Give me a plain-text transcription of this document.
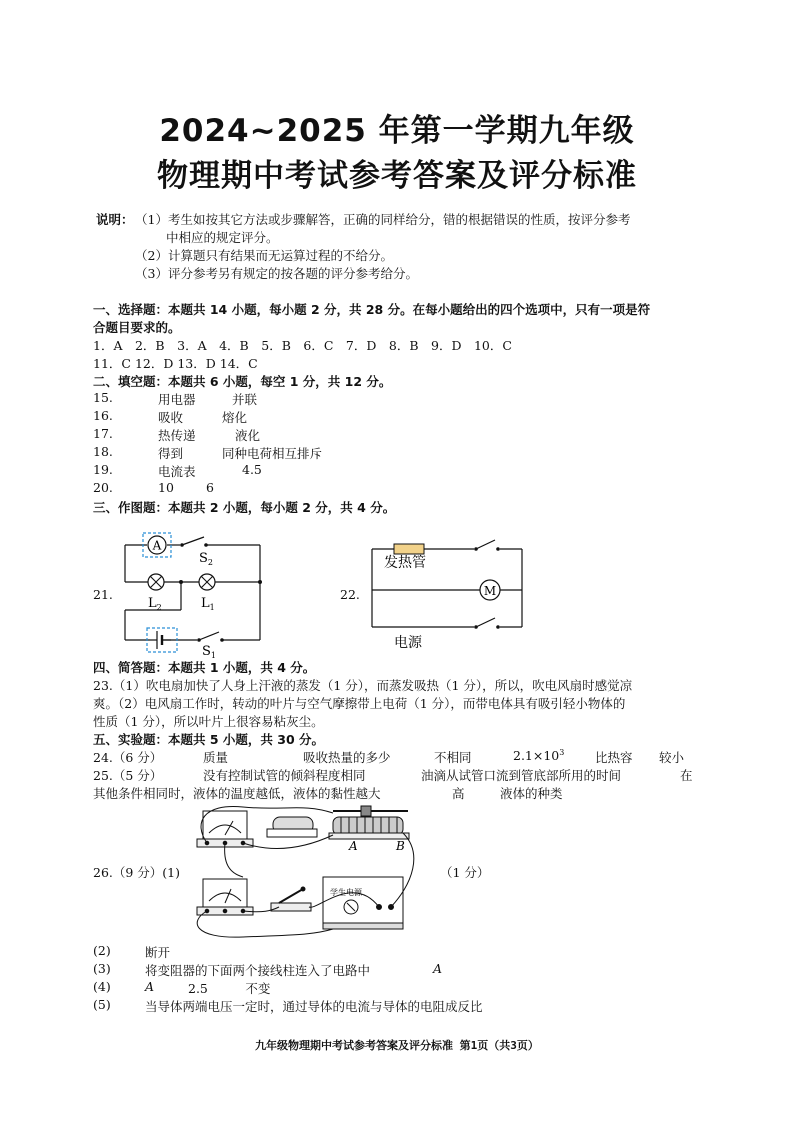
2024~2025 年第一学期九年级
物理期中考试参考答案及评分标准
说明： （1）考生如按其它方法或步骤解答，正确的同样给分，错的根据错误的性质，按评分参考
中相应的规定评分。
（2）计算题只有结果而无运算过程的不给分。
（3）评分参考另有规定的按各题的评分参考给分。
一、选择题：本题共 14 小题，每小题 2 分，共 28 分。在每小题给出的四个选项中，只有一项是符
合题目要求的。
1．A　2．B　3．A　4．B　5．B　6．C　7．D　8．B　9．D　10．C
11．C 12．D 13．D 14．C
二、填空题：本题共 6 小题，每空 1 分，共 12 分。
15.	用电器	并联
16.	吸收	熔化
17.	热传递	液化
18.	得到	同种电荷相互排斥
19.	电流表	4.5
20.	10	6
三、作图题：本题共 2 小题，每小题 2 分，共 4 分。
21.	22.
A
$S_2$
$L_2$	$L_1$
$S_1$
发热管
M
电源
四、简答题：本题共 1 小题，共 4 分。
23.（1）吹电扇加快了人身上汗液的蒸发（1 分），而蒸发吸热（1 分），所以，吹电风扇时感觉凉
爽。（2）电风扇工作时，转动的叶片与空气摩擦带上电荷（1 分），而带电体具有吸引轻小物体的
性质（1 分），所以叶片上很容易粘灰尘。
五、实验题：本题共 5 小题，共 30 分。
24.（6 分）	质量	吸收热量的多少	不相同	$2.1\times 10^3$ 比热容 较小
25.（5 分）	没有控制试管的倾斜程度相同	油滴从试管口流到管底部所用的时间	在
其他条件相同时，液体的温度越低，液体的黏性越大	高	液体的种类
26.（9 分）(1)	（1 分）
A	B
学生电源
(2)	断开
(3)	将变阻器的下面两个接线柱连入了电路中	A
(4)	A	2.5　　　不变
(5)	当导体两端电压一定时，通过导体的电流与导体的电阻成反比
九年级物理期中考试参考答案及评分标准 第1页（共3页）
